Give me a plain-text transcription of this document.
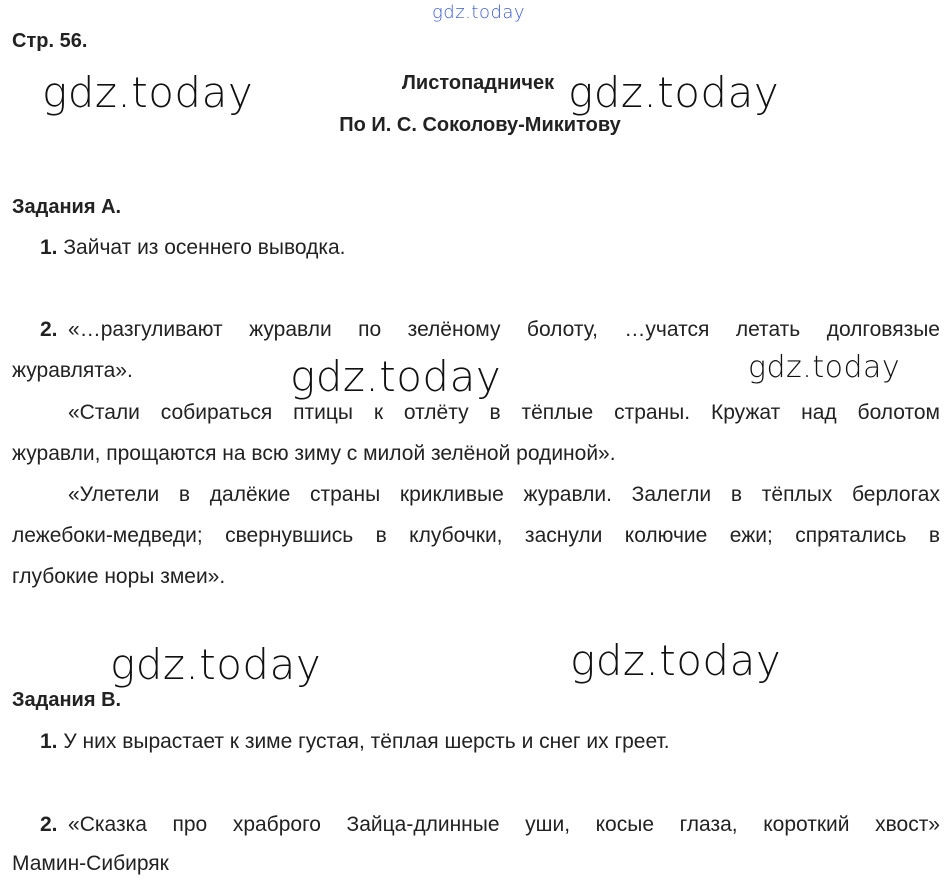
gdz.today
gdz.today	gdz.today
gdz.today	gdz.today
gdz.today	gdz.today
Стр. 56.
Листопадничек
По И. С. Соколову-Микитову
Задания А.
1. Зайчат из осеннего выводка.
2.  «…разгуливают журавли по зелёному болоту, …учатся летать долговязые
журавлята».
«Стали собираться птицы к отлёту в тёплые страны. Кружат над болотом
журавли, прощаются на всю зиму с милой зелёной родиной».
«Улетели в далёкие страны крикливые журавли. Залегли в тёплых берлогах
лежебоки-медведи; свернувшись в клубочки, заснули колючие ежи; спрятались в
глубокие норы змеи».
Задания В.
1. У них вырастает к зиме густая, тёплая шерсть и снег их греет.
2.  «Сказка про храброго Зайца-длинные уши, косые глаза, короткий хвост»
Мамин-Сибиряк
